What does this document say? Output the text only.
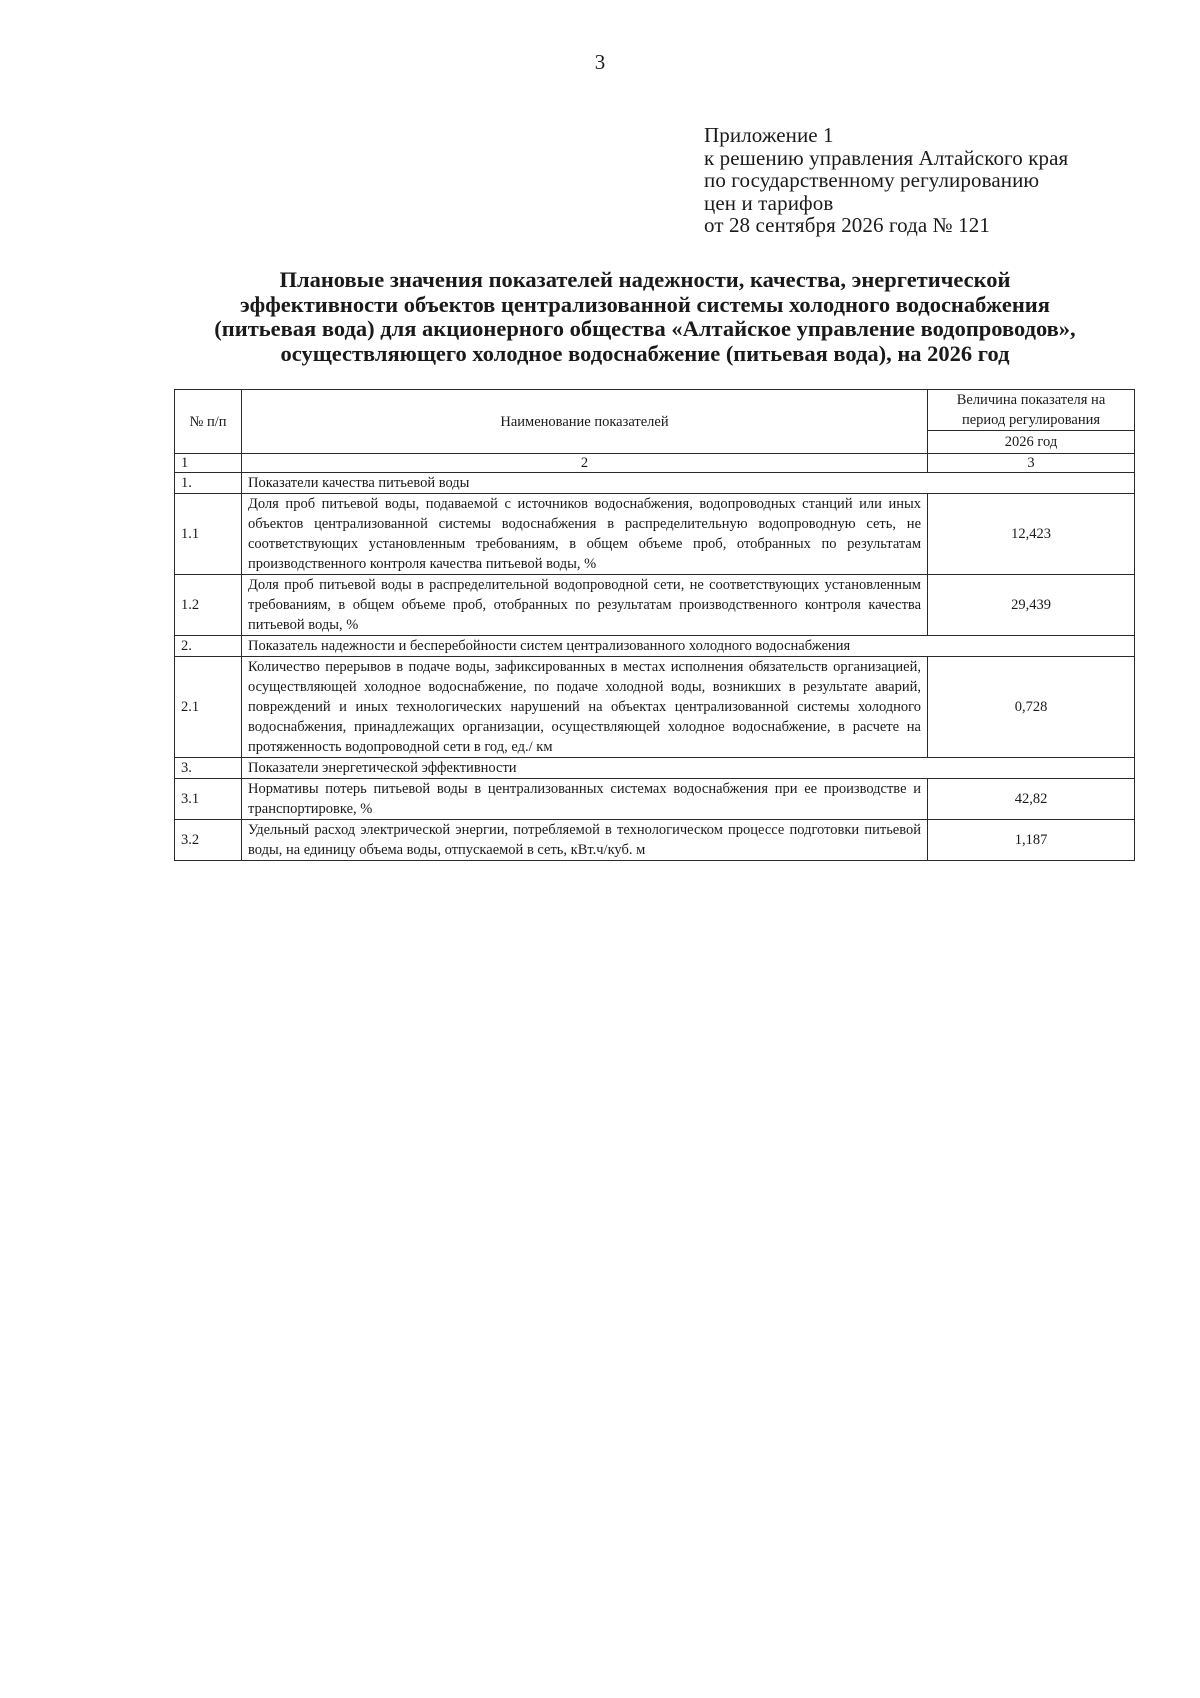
3
Приложение 1
к решению управления Алтайского края
по государственному регулированию
цен и тарифов
от 28 сентября 2026 года № 121
Плановые значения показателей надежности, качества, энергетической
эффективности объектов централизованной системы холодного водоснабжения
(питьевая вода) для акционерного общества «Алтайское управление водопроводов»,
осуществляющего холодное водоснабжение (питьевая вода), на 2026 год
№ п/п	Наименование показателей	Величина показателя на период регулирования
		2026 год
1	2	3
1.	Показатели качества питьевой воды	
1.1	Доля проб питьевой воды, подаваемой с источников водоснабжения, водопроводных станций или иных объектов централизованной системы водоснабжения в распределительную водопроводную сеть, не соответствующих установленным требованиям, в общем объеме проб, отобранных по результатам производственного контроля качества питьевой воды, %	12,423
1.2	Доля проб питьевой воды в распределительной водопроводной сети, не соответствующих установленным требованиям, в общем объеме проб, отобранных по результатам производственного контроля качества питьевой воды, %	29,439
2.	Показатель надежности и бесперебойности систем централизованного холодного водоснабжения	
2.1	Количество перерывов в подаче воды, зафиксированных в местах исполнения обязательств организацией, осуществляющей холодное водоснабжение, по подаче холодной воды, возникших в результате аварий, повреждений и иных технологических нарушений на объектах централизованной системы холодного водоснабжения, принадлежащих организации, осуществляющей холодное водоснабжение, в расчете на протяженность водопроводной сети в год, ед./ км	0,728
3.	Показатели энергетической эффективности	
3.1	Нормативы потерь питьевой воды в централизованных системах водоснабжения при ее производстве и транспортировке, %	42,82
3.2	Удельный расход электрической энергии, потребляемой в технологическом процессе подготовки питьевой воды, на единицу объема воды, отпускаемой в сеть, кВт.ч/куб. м	1,187
